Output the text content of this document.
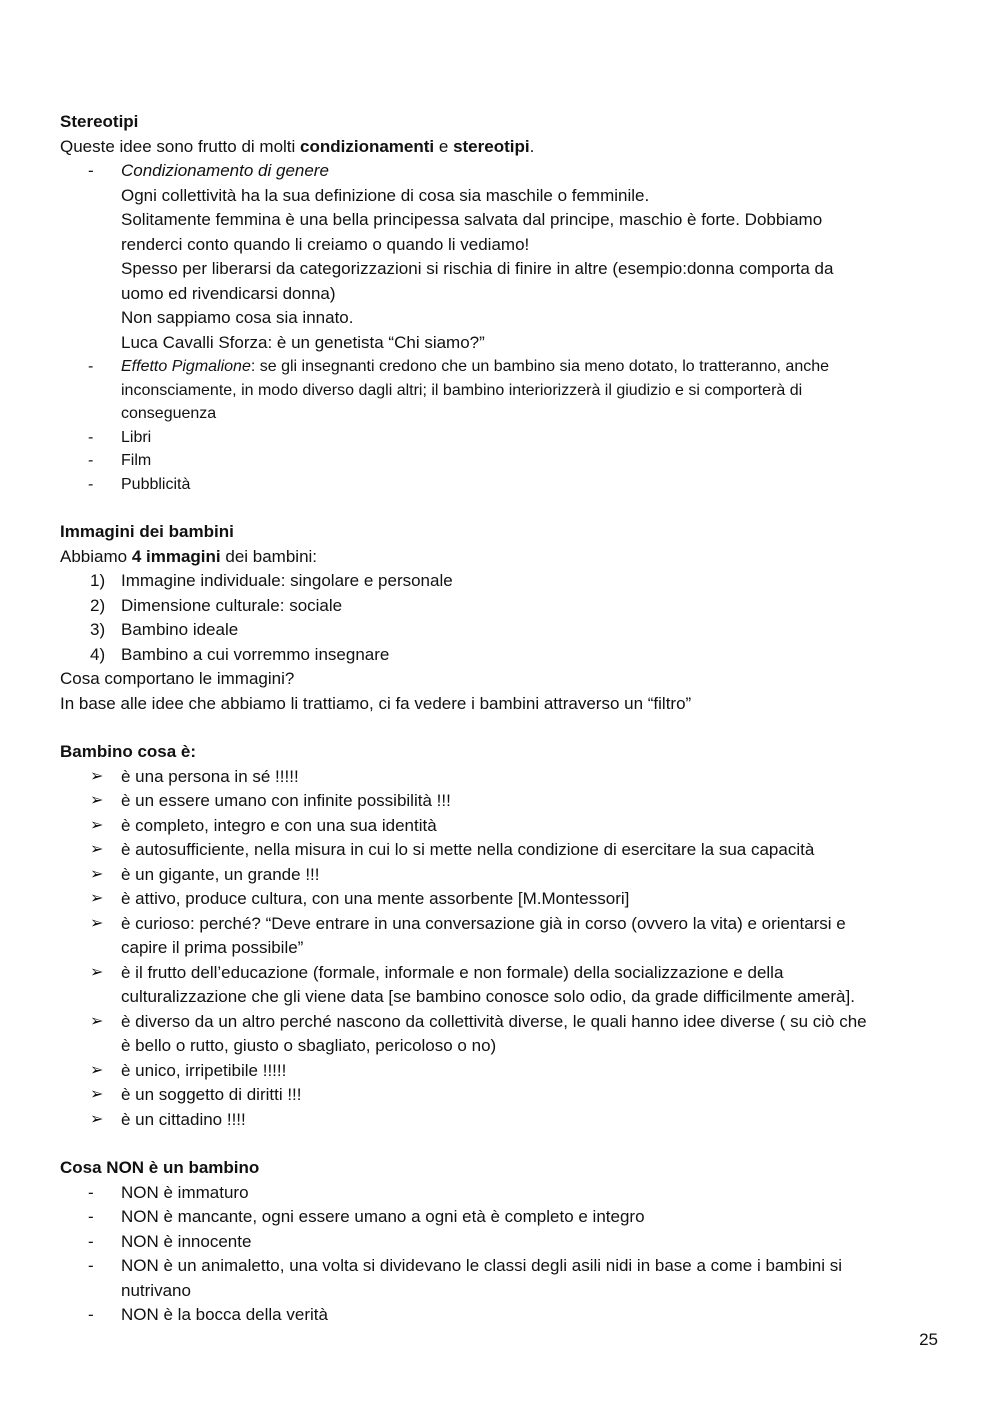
Stereotipi

Queste idee sono frutto di molti condizionamenti e stereotipi.

-	Condizionamento di genere

Ogni collettività ha la sua definizione di cosa sia maschile o femminile.

Solitamente femmina è una bella principessa salvata dal principe, maschio è forte. Dobbiamo

renderci conto quando li creiamo o quando li vediamo!

Spesso per liberarsi da categorizzazioni si rischia di finire in altre (esempio:donna comporta da

uomo ed rivendicarsi donna)

Non sappiamo cosa sia innato.

Luca Cavalli Sforza: è un genetista “Chi siamo?”

-	Effetto Pigmalione: se gli insegnanti credono che un bambino sia meno dotato, lo tratteranno, anche

inconsciamente, in modo diverso dagli altri; il bambino interiorizzerà il giudizio e si comporterà di

conseguenza

-	Libri
-	Film
-	Pubblicità

Immagini dei bambini

Abbiamo 4 immagini dei bambini:

1) Immagine individuale: singolare e personale
2) Dimensione culturale: sociale
3) Bambino ideale
4) Bambino a cui vorremmo insegnare

Cosa comportano le immagini?

In base alle idee che abbiamo li trattiamo, ci fa vedere i bambini attraverso un “filtro”

Bambino cosa è:

➢	è una persona in sé !!!!!

➢	è un essere umano con infinite possibilità !!!

➢	è completo, integro e con una sua identità

➢	è autosufficiente, nella misura in cui lo si mette nella condizione di esercitare la sua capacità

➢	è un gigante, un grande !!!

➢	è attivo, produce cultura, con una mente assorbente [M.Montessori]

➢	è curioso: perché? “Deve entrare in una conversazione già in corso (ovvero la vita) e orientarsi e

capire il prima possibile”

➢	è il frutto dell’educazione (formale, informale e non formale) della socializzazione e della

culturalizzazione che gli viene data [se bambino conosce solo odio, da grade difficilmente amerà].

➢	è diverso da un altro perché nascono da collettività diverse, le quali hanno idee diverse ( su ciò che

è bello o rutto, giusto o sbagliato, pericoloso o no)

➢	è unico, irripetibile !!!!!

➢	è un soggetto di diritti !!!

➢	è un cittadino !!!!

Cosa NON è un bambino

-	NON è immaturo

-	NON è mancante, ogni essere umano a ogni età è completo e integro

-	NON è innocente

-	NON è un animaletto, una volta si dividevano le classi degli asili nidi in base a come i bambini si

nutrivano

-	NON è la bocca della verità

25
